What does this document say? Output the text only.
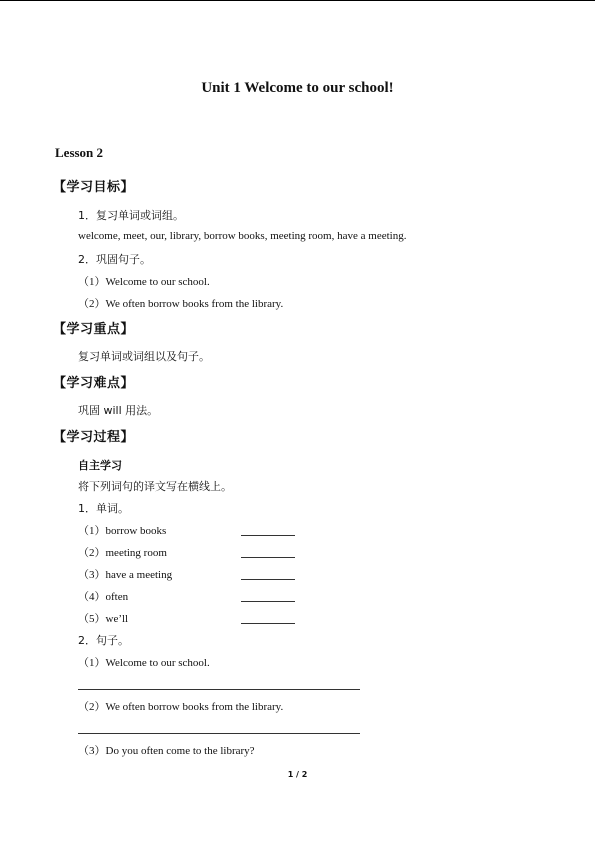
Unit 1 Welcome to our school!
Lesson 2
【学习目标】
1．复习单词或词组。
welcome, meet, our, library, borrow books, meeting room, have a meeting.
2．巩固句子。
（1）Welcome to our school.
（2）We often borrow books from the library.
【学习重点】
复习单词或词组以及句子。
【学习难点】
巩固 will 用法。
【学习过程】
自主学习
将下列词句的译文写在横线上。
1．单词。
（1）borrow books
（2）meeting room
（3）have a meeting
（4）often
（5）we’ll
2．句子。
（1）Welcome to our school.
（2）We often borrow books from the library.
（3）Do you often come to the library?
1 / 2
